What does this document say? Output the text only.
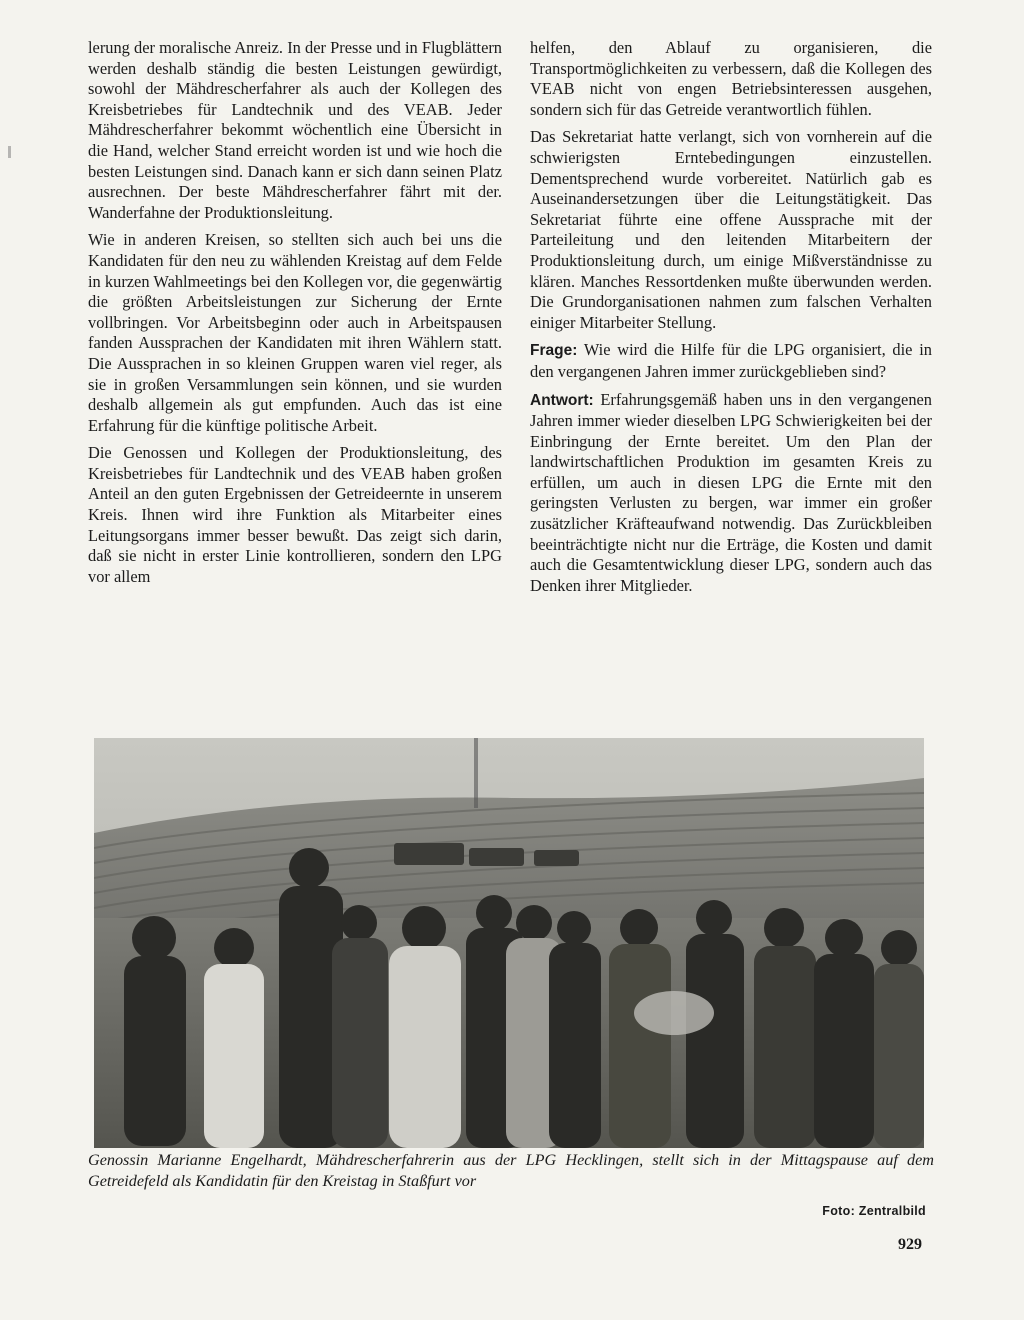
lerung der moralische Anreiz. In der Presse und in Flugblättern werden deshalb ständig die besten Leistungen gewürdigt, sowohl der Mähdrescherfahrer als auch der Kollegen des Kreisbetriebes für Landtechnik und des VEAB. Jeder Mähdrescherfahrer bekommt wöchentlich eine Übersicht in die Hand, welcher Stand erreicht worden ist und wie hoch die besten Leistungen sind. Danach kann er sich dann seinen Platz ausrechnen. Der beste Mähdrescherfahrer fährt mit der. Wanderfahne der Produktionsleitung.

Wie in anderen Kreisen, so stellten sich auch bei uns die Kandidaten für den neu zu wählenden Kreistag auf dem Felde in kurzen Wahlmeetings bei den Kollegen vor, die gegenwärtig die größten Arbeitsleistungen zur Sicherung der Ernte vollbringen. Vor Arbeitsbeginn oder auch in Arbeitspausen fanden Aussprachen der Kandidaten mit ihren Wählern statt. Die Aussprachen in so kleinen Gruppen waren viel reger, als sie in großen Versammlungen sein können, und sie wurden deshalb allgemein als gut empfunden. Auch das ist eine Erfahrung für die künftige politische Arbeit.

Die Genossen und Kollegen der Produktionsleitung, des Kreisbetriebes für Landtechnik und des VEAB haben großen Anteil an den guten Ergebnissen der Getreideernte in unserem Kreis. Ihnen wird ihre Funktion als Mitarbeiter eines Leitungsorgans immer besser bewußt. Das zeigt sich darin, daß sie nicht in erster Linie kontrollieren, sondern den LPG vor allem

helfen, den Ablauf zu organisieren, die Transportmöglichkeiten zu verbessern, daß die Kollegen des VEAB nicht von engen Betriebsinteressen ausgehen, sondern sich für das Getreide verantwortlich fühlen.

Das Sekretariat hatte verlangt, sich von vornherein auf die schwierigsten Erntebedingungen einzustellen. Dementsprechend wurde vorbereitet. Natürlich gab es Auseinandersetzungen über die Leitungstätigkeit. Das Sekretariat führte eine offene Aussprache mit der Parteileitung und den leitenden Mitarbeitern der Produktionsleitung durch, um einige Mißverständnisse zu klären. Manches Ressortdenken mußte überwunden werden. Die Grundorganisationen nahmen zum falschen Verhalten einiger Mitarbeiter Stellung.

Frage: Wie wird die Hilfe für die LPG organisiert, die in den vergangenen Jahren immer zurückgeblieben sind?

Antwort: Erfahrungsgemäß haben uns in den vergangenen Jahren immer wieder dieselben LPG Schwierigkeiten bei der Einbringung der Ernte bereitet. Um den Plan der landwirtschaftlichen Produktion im gesamten Kreis zu erfüllen, um auch in diesen LPG die Ernte mit den geringsten Verlusten zu bergen, war immer ein großer zusätzlicher Kräfteaufwand notwendig. Das Zurückbleiben beeinträchtigte nicht nur die Erträge, die Kosten und damit auch die Gesamtentwicklung dieser LPG, sondern auch das Denken ihrer Mitglieder.

Genossin Marianne Engelhardt, Mähdrescherfahrerin aus der LPG Hecklingen, stellt sich in der Mittagspause auf dem Getreidefeld als Kandidatin für den Kreistag in Staßfurt vor
Foto: Zentralbild
929
